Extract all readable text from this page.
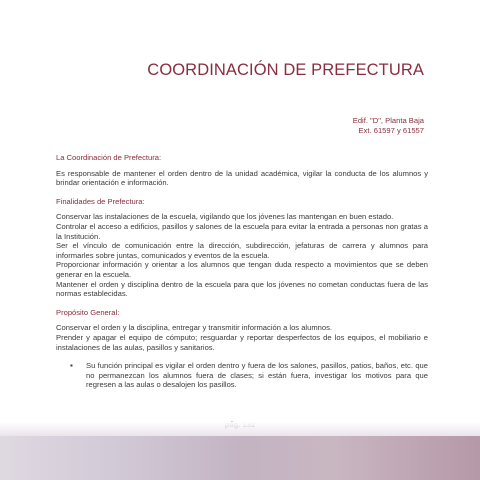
COORDINACIÓN DE PREFECTURA
Edif. "D", Planta Baja
Ext. 61597 y 61557

La Coordinación de Prefectura:

Es responsable de mantener el orden dentro de la unidad académica, vigilar la conducta de los alumnos y brindar orientación e información.

Finalidades de Prefectura:

Conservar las instalaciones de la escuela, vigilando que los jóvenes las mantengan en buen estado.

Controlar el acceso a edificios, pasillos y salones de la escuela para evitar la entrada a personas non gratas a la Institución.

Ser el vínculo de comunicación entre la dirección, subdirección, jefaturas de carrera y alumnos para informarles sobre juntas, comunicados y eventos de la escuela.

Proporcionar información y orientar a los alumnos que tengan duda respecto a movimientos que se deben generar en la escuela.

Mantener el orden y disciplina dentro de la escuela para que los jóvenes no cometan conductas fuera de las normas establecidas.

Propósito General:

Conservar el orden y la disciplina, entregar y transmitir información a los alumnos.

Prender y apagar el equipo de cómputo; resguardar y reportar desperfectos de los equipos, el mobiliario e instalaciones de las aulas, pasillos y sanitarios.

▪	Su función principal es vigilar el orden dentro y fuera de los salones, pasillos, patios, baños, etc. que no permanezcan los alumnos fuera de clases; si están fuera, investigar los motivos para que regresen a las aulas o desalojen los pasillos.
